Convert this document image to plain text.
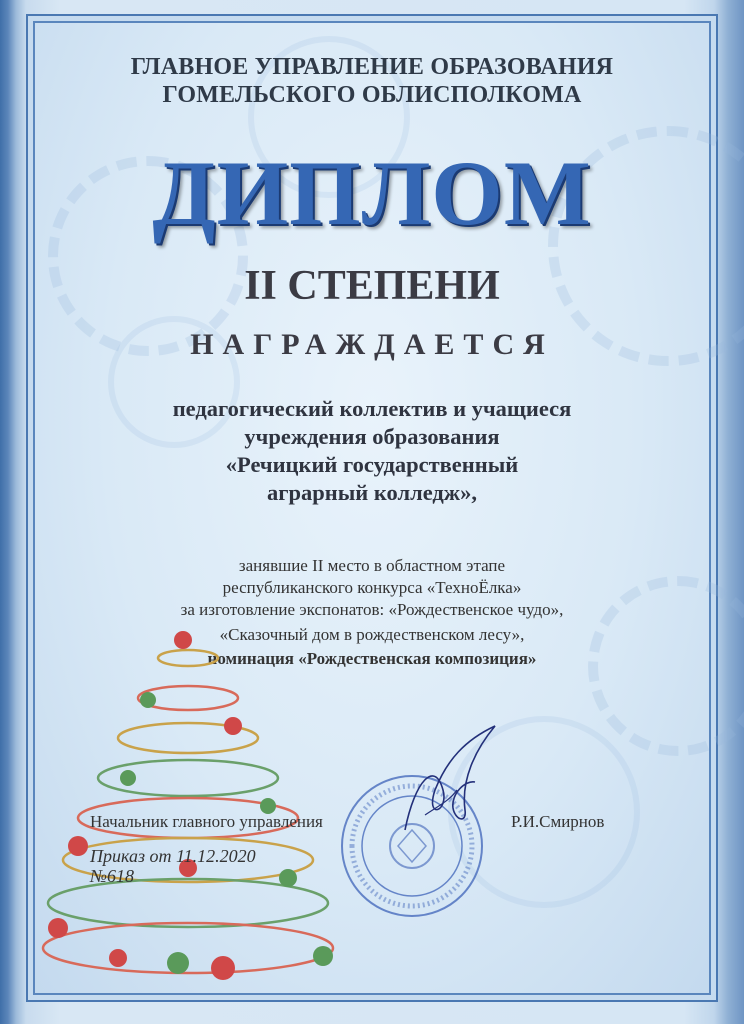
ГЛАВНОЕ УПРАВЛЕНИЕ ОБРАЗОВАНИЯ

ГОМЕЛЬСКОГО ОБЛИСПОЛКОМА

ДИПЛОМ

II СТЕПЕНИ

НАГРАЖДАЕТСЯ

педагогический коллектив и учащиеся

учреждения образования

«Речицкий государственный

аграрный колледж»,

занявшие II место в областном этапе

республиканского конкурса «ТехноЁлка»

за изготовление экспонатов: «Рождественское чудо»,

«Сказочный дом в рождественском лесу»,

номинация «Рождественская композиция»

Начальник главного управления	Р.И.Смирнов
Приказ от 11.12.2020
№618
